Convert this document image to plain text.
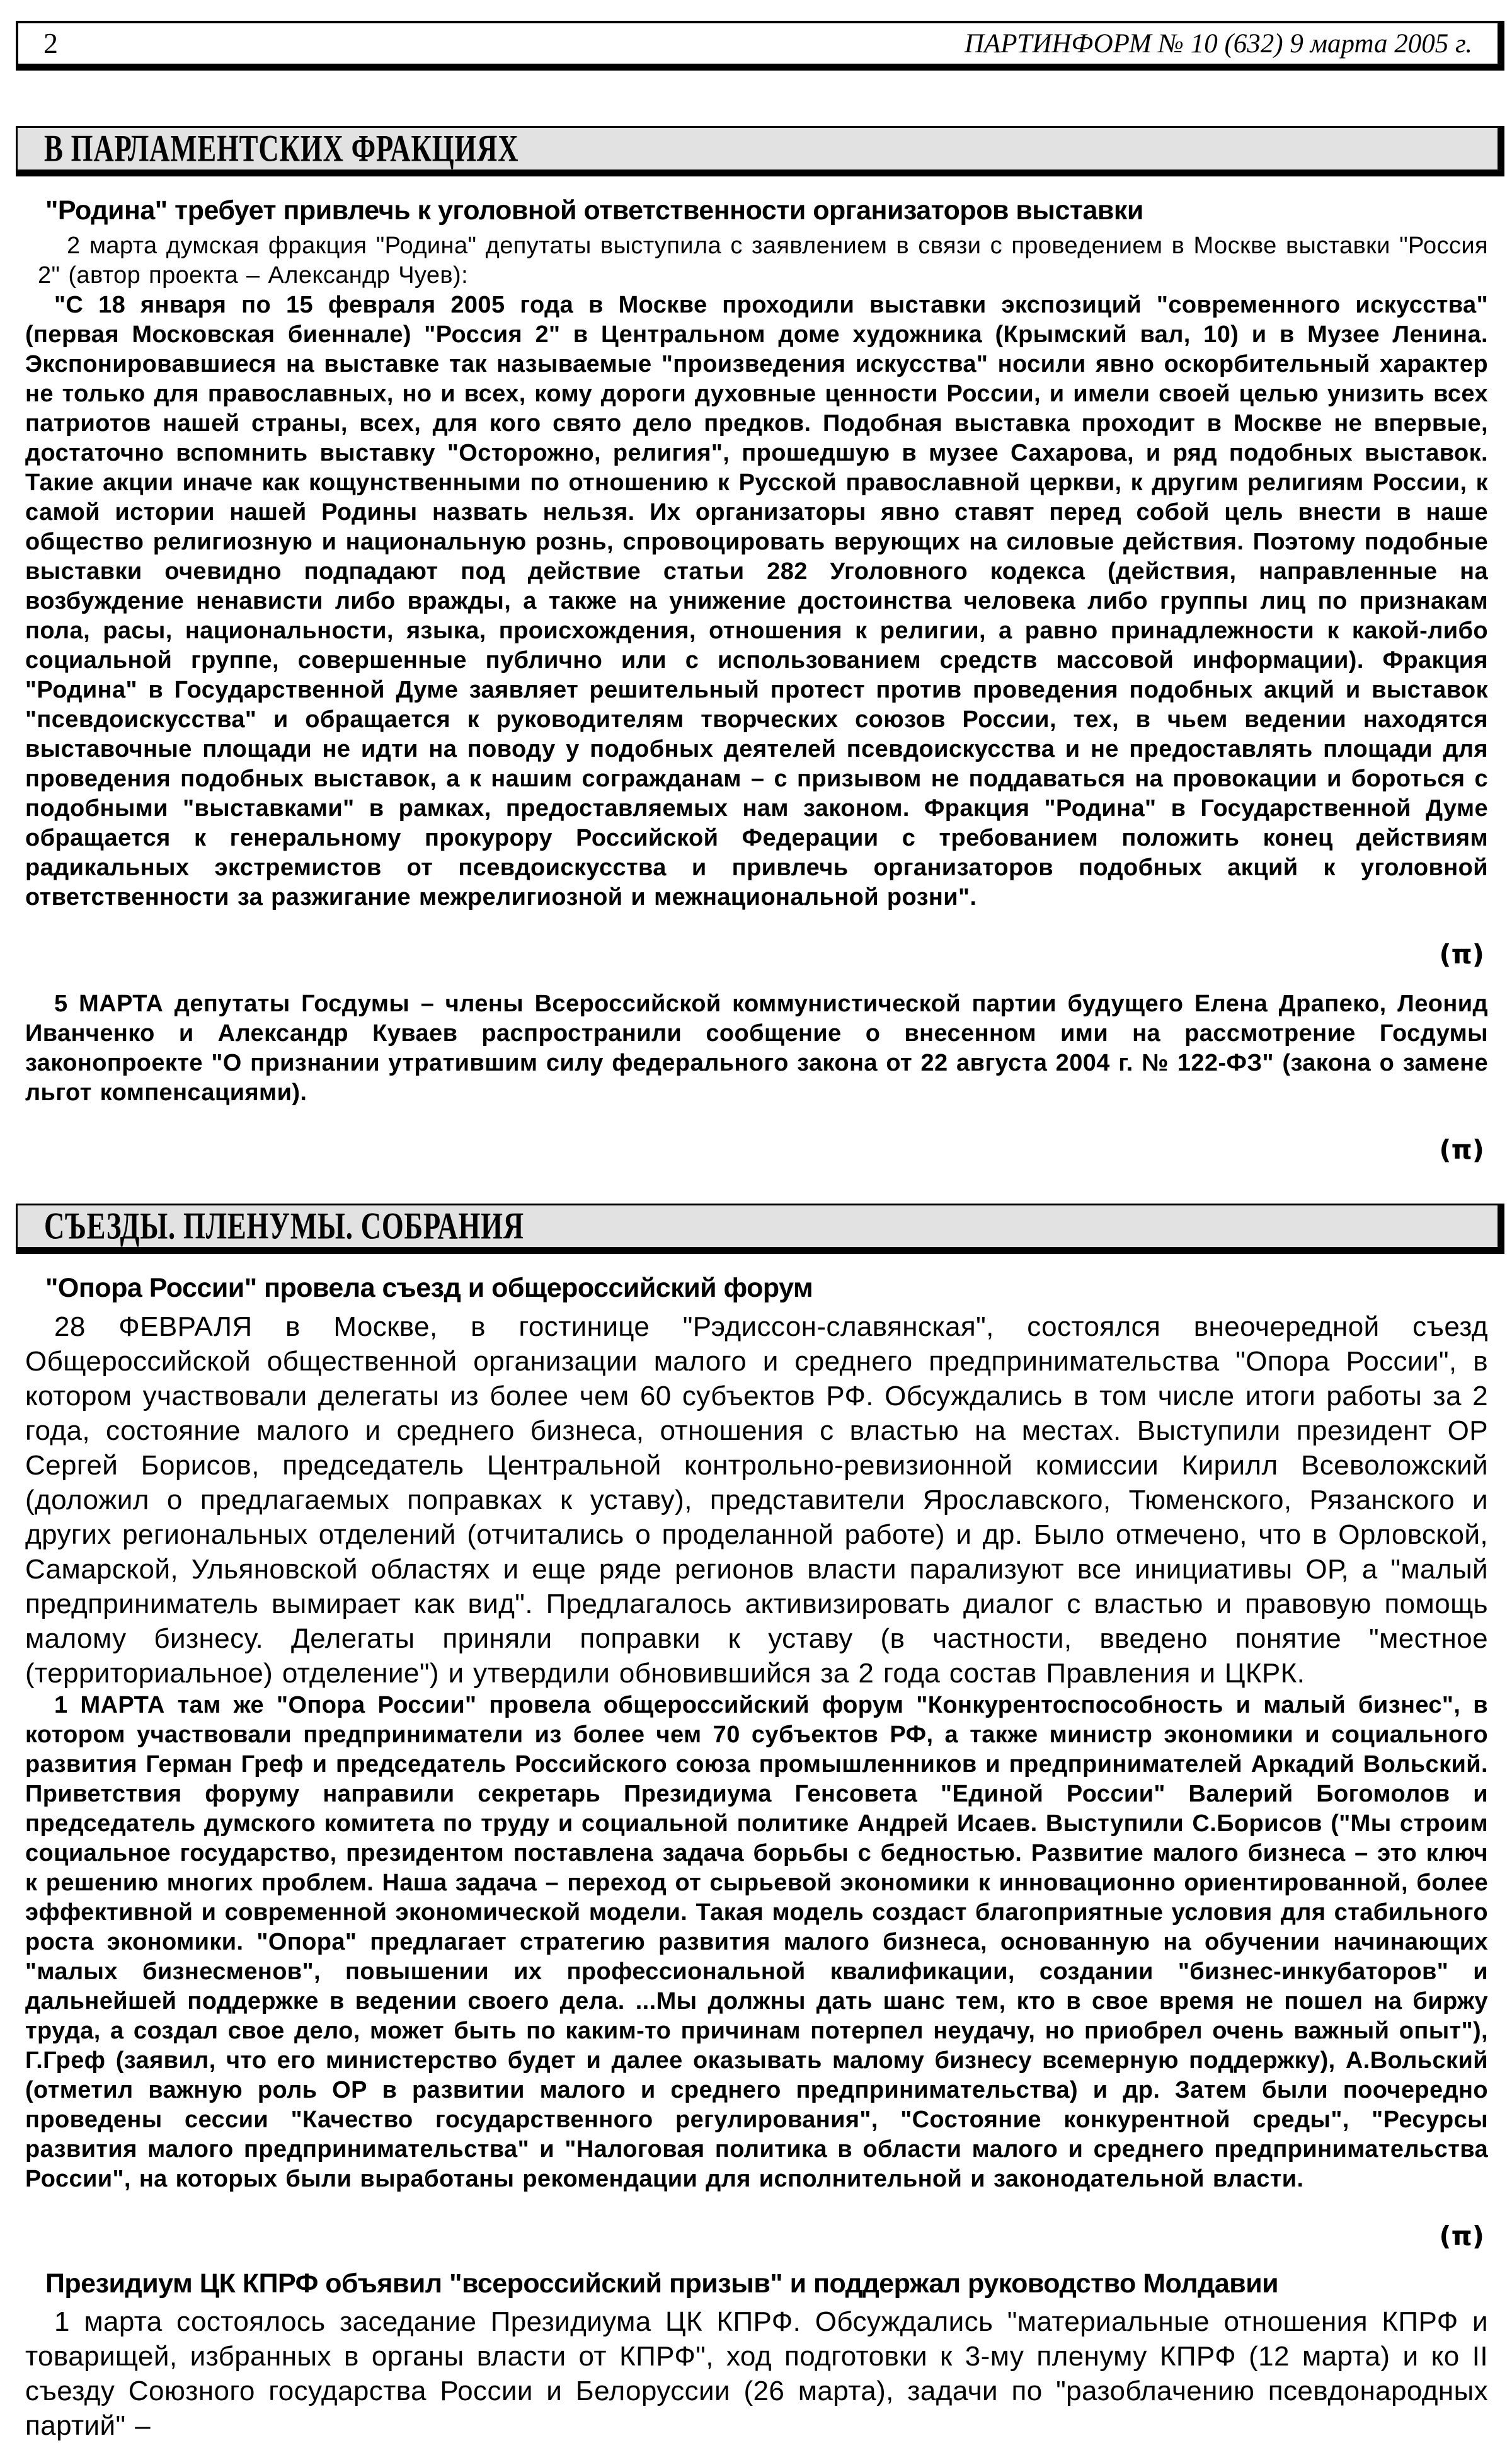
2	ПАРТИНФОРМ № 10 (632) 9 марта 2005 г.
В ПАРЛАМЕНТСКИХ ФРАКЦИЯХ
"Родина" требует привлечь к уголовной ответственности организаторов выставки

2 марта думская фракция "Родина" депутаты выступила с заявлением в связи с проведением в Москве выставки "Россия 2" (автор проекта – Александр Чуев):

"С 18 января по 15 февраля 2005 года в Москве проходили выставки экспозиций "современного искусства" (первая Московская биеннале) "Россия 2" в Центральном доме художника (Крымский вал, 10) и в Музее Ленина. Экспонировавшиеся на выставке так называемые "произведения искусства" носили явно оскорбительный характер не только для православных, но и всех, кому дороги духовные ценности России, и имели своей целью унизить всех патриотов нашей страны, всех, для кого свято дело предков. Подобная выставка проходит в Москве не впервые, достаточно вспомнить выставку "Осторожно, религия", прошедшую в музее Сахарова, и ряд подобных выставок. Такие акции иначе как кощунственными по отношению к Русской православной церкви, к другим религиям России, к самой истории нашей Родины назвать нельзя. Их организаторы явно ставят перед собой цель внести в наше общество религиозную и национальную рознь, спровоцировать верующих на силовые действия. Поэтому подобные выставки очевидно подпадают под действие статьи 282 Уголовного кодекса (действия, направленные на возбуждение ненависти либо вражды, а также на унижение достоинства человека либо группы лиц по признакам пола, расы, национальности, языка, происхождения, отношения к религии, а равно принадлежности к какой-либо социальной группе, совершенные публично или с использованием средств массовой информации). Фракция "Родина" в Государственной Думе заявляет решительный протест против проведения подобных акций и выставок "псевдоискусства" и обращается к руководителям творческих союзов России, тех, в чьем ведении находятся выставочные площади не идти на поводу у подобных деятелей псевдоискусства и не предоставлять площади для проведения подобных выставок, а к нашим согражданам – с призывом не поддаваться на провокации и бороться с подобными "выставками" в рамках, предоставляемых нам законом. Фракция "Родина" в Государственной Думе обращается к генеральному прокурору Российской Федерации с требованием положить конец действиям радикальных экстремистов от псевдоискусства и привлечь организаторов подобных акций к уголовной ответственности за разжигание межрелигиозной и межнациональной розни".

(π)

5 МАРТА депутаты Госдумы – члены Всероссийской коммунистической партии будущего Елена Драпеко, Леонид Иванченко и Александр Куваев распространили сообщение о внесенном ими на рассмотрение Госдумы законопроекте "О признании утратившим силу федерального закона от 22 августа 2004 г. № 122-ФЗ" (закона о замене льгот компенсациями).

(π)
СЪЕЗДЫ. ПЛЕНУМЫ. СОБРАНИЯ
"Опора России" провела съезд и общероссийский форум

28 ФЕВРАЛЯ в Москве, в гостинице "Рэдиссон-славянская", состоялся внеочередной съезд Общероссийской общественной организации малого и среднего предпринимательства "Опора России", в котором участвовали делегаты из более чем 60 субъектов РФ. Обсуждались в том числе итоги работы за 2 года, состояние малого и среднего бизнеса, отношения с властью на местах. Выступили президент ОР Сергей Борисов, председатель Центральной контрольно-ревизионной комиссии Кирилл Всеволожский (доложил о предлагаемых поправках к уставу), представители Ярославского, Тюменского, Рязанского и других региональных отделений (отчитались о проделанной работе) и др. Было отмечено, что в Орловской, Самарской, Ульяновской областях и еще ряде регионов власти парализуют все инициативы ОР, а "малый предприниматель вымирает как вид". Предлагалось активизировать диалог с властью и правовую помощь малому бизнесу. Делегаты приняли поправки к уставу (в частности, введено понятие "местное (территориальное) отделение") и утвердили обновившийся за 2 года состав Правления и ЦКРК.

1 МАРТА там же "Опора России" провела общероссийский форум "Конкурентоспособность и малый бизнес", в котором участвовали предприниматели из более чем 70 субъектов РФ, а также министр экономики и социального развития Герман Греф и председатель Российского союза промышленников и предпринимателей Аркадий Вольский. Приветствия форуму направили секретарь Президиума Генсовета "Единой России" Валерий Богомолов и председатель думского комитета по труду и социальной политике Андрей Исаев. Выступили С.Борисов ("Мы строим социальное государство, президентом поставлена задача борьбы с бедностью. Развитие малого бизнеса – это ключ к решению многих проблем. Наша задача – переход от сырьевой экономики к инновационно ориентированной, более эффективной и современной экономической модели. Такая модель создаст благоприятные условия для стабильного роста экономики. "Опора" предлагает стратегию развития малого бизнеса, основанную на обучении начинающих "малых бизнесменов", повышении их профессиональной квалификации, создании "бизнес-инкубаторов" и дальнейшей поддержке в ведении своего дела. ...Мы должны дать шанс тем, кто в свое время не пошел на биржу труда, а создал свое дело, может быть по каким-то причинам потерпел неудачу, но приобрел очень важный опыт"), Г.Греф (заявил, что его министерство будет и далее оказывать малому бизнесу всемерную поддержку), А.Вольский (отметил важную роль ОР в развитии малого и среднего предпринимательства) и др. Затем были поочередно проведены сессии "Качество государственного регулирования", "Состояние конкурентной среды", "Ресурсы развития малого предпринимательства" и "Налоговая политика в области малого и среднего предпринимательства России", на которых были выработаны рекомендации для исполнительной и законодательной власти.

(π)
Президиум ЦК КПРФ объявил "всероссийский призыв" и поддержал руководство Молдавии

1 марта состоялось заседание Президиума ЦК КПРФ. Обсуждались "материальные отношения КПРФ и товарищей, избранных в органы власти от КПРФ", ход подготовки к 3-му пленуму КПРФ (12 марта) и ко II съезду Союзного государства России и Белоруссии (26 марта), задачи по "разоблачению псевдонародных партий" –
